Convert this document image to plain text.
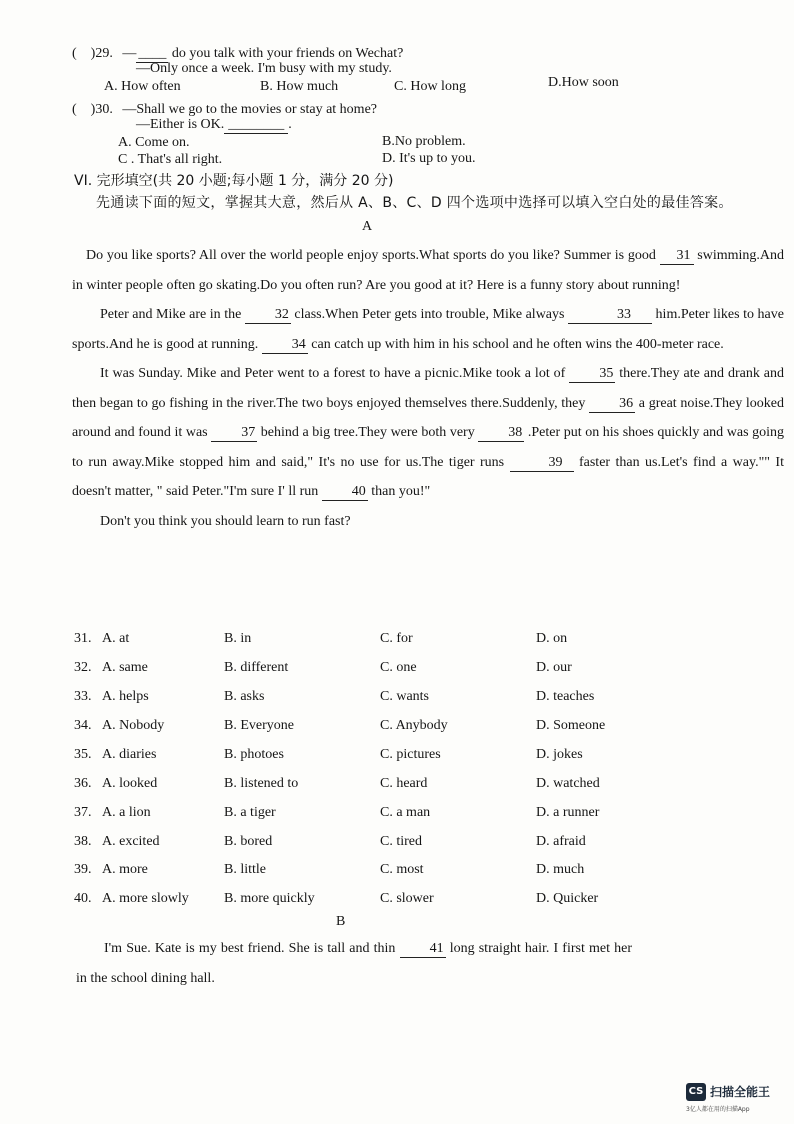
(　)29. — ____ do you talk with your friends on Wechat?
—Only once a week. I'm busy with my study.
A. How often	B. How much	C. How long	D.How soon
(　)30. —Shall we go to the movies or stay at home?
—Either is OK. ________ .
A. Come on.	B.No problem.
C . That's all right.	D. It's up to you.
VI. 完形填空(共 20 小题;每小题 1 分，满分 20 分)
先通读下面的短文，掌握其大意，然后从 A、B、C、D 四个选项中选择可以填入空白处的最佳答案。
A

Do you like sports? All over the world people enjoy sports.What sports do you like? Summer is good 31 swimming.And in winter people often go skating.Do you often run? Are you good at it? Here is a funny story about running!

Peter and Mike are in the 32 class.When Peter gets into trouble, Mike always	33 him.Peter likes to have sports.And he is good at running. 34 can catch up with him in his school and he often wins the 400-meter race.

It was Sunday. Mike and Peter went to a forest to have a picnic.Mike took a lot of 35 there.They ate and drank and then began to go fishing in the river.The two boys enjoyed themselves there.Suddenly, they 36 a great noise.They looked around and found it was 37 behind a big tree.They were both very 38 .Peter put on his shoes quickly and was going to run away.Mike stopped him and said," It's no use for us.The tiger runs	39 faster than us.Let's find a way."" It doesn't matter, " said Peter."I'm sure I' ll run 40 than you!"

Don't you think you should learn to run fast?

31. A. at	B. in	C. for	D. on
32. A. same	B. different	C. one	D. our
33. A. helps	B. asks	C. wants	D. teaches
34. A. Nobody	B. Everyone	C. Anybody	D. Someone
35. A. diaries	B. photoes	C. pictures	D. jokes
36. A. looked	B. listened to	C. heard	D. watched
37. A. a lion	B. a tiger	C. a man	D. a runner
38. A. excited	B. bored	C. tired	D. afraid
39. A. more	B. little	C. most	D. much
40. A. more slowly	B. more quickly	C. slower	D. Quicker
B

I'm Sue. Kate is my best friend. She is tall and thin 41 long straight hair. I first met her in the school dining hall.

CS 扫描全能王
3亿人都在用的扫描App
